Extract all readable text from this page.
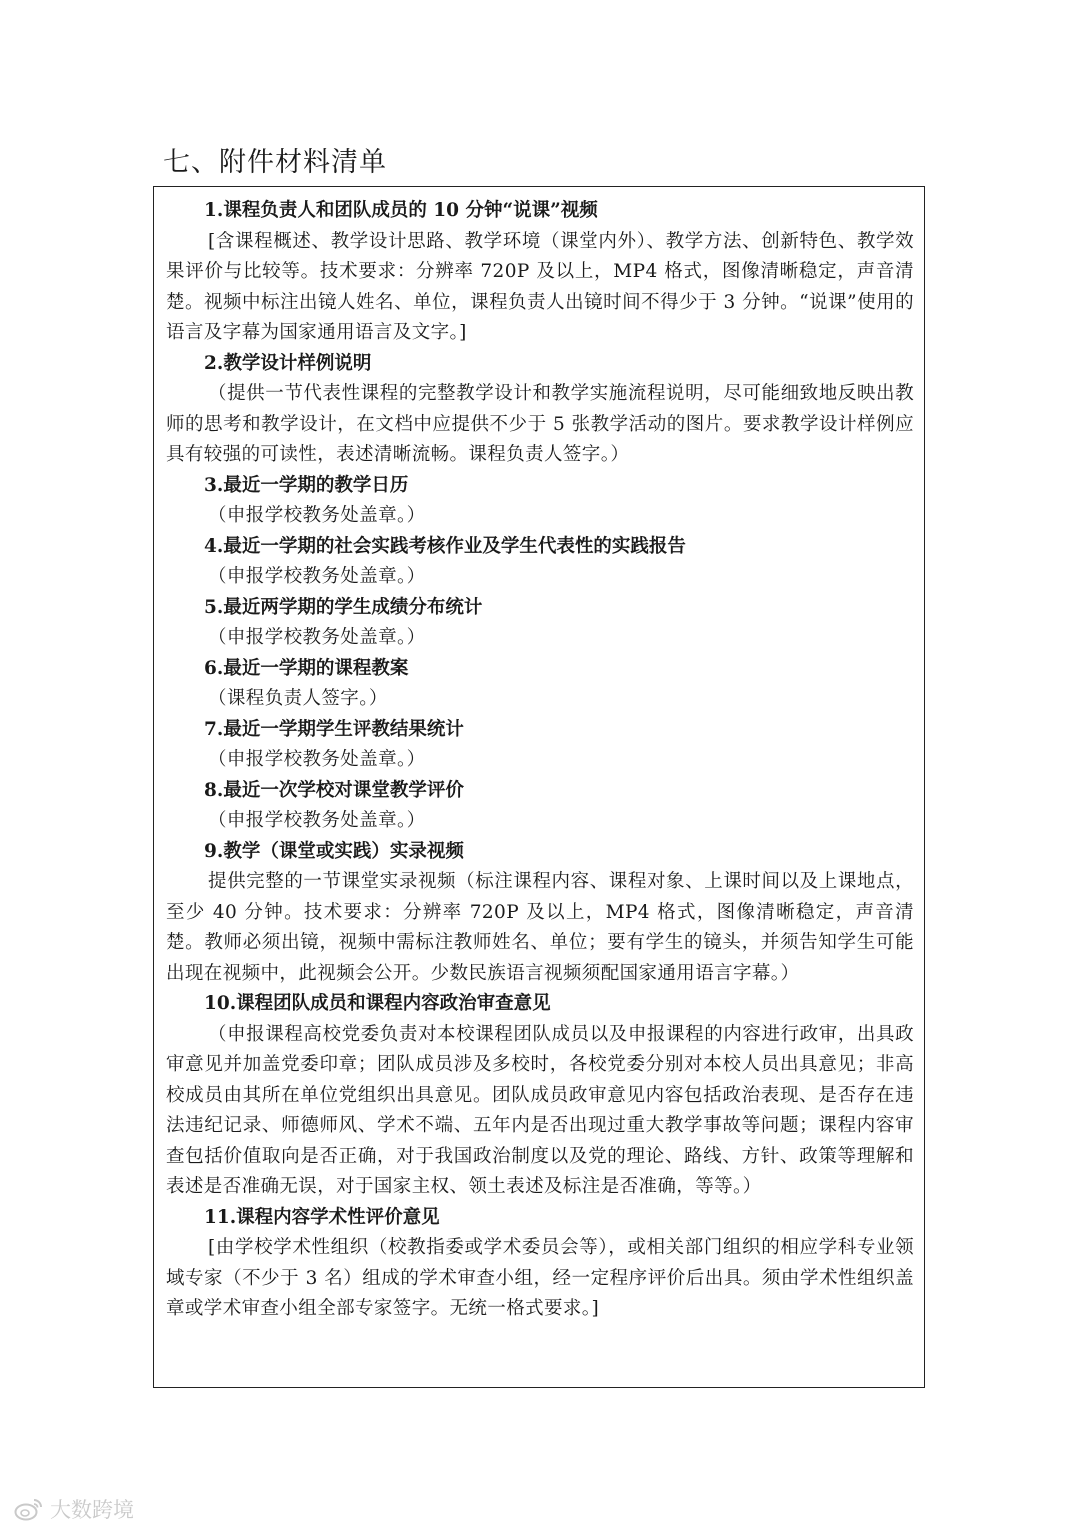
七、附件材料清单
1.课程负责人和团队成员的 10 分钟“说课”视频
[含课程概述、教学设计思路、教学环境（课堂内外）、教学方法、创新特色、教学效果评价与比较等。技术要求：分辨率 720P 及以上，MP4 格式，图像清晰稳定，声音清楚。视频中标注出镜人姓名、单位，课程负责人出镜时间不得少于 3 分钟。“说课”使用的语言及字幕为国家通用语言及文字。]
2.教学设计样例说明
（提供一节代表性课程的完整教学设计和教学实施流程说明，尽可能细致地反映出教师的思考和教学设计，在文档中应提供不少于 5 张教学活动的图片。要求教学设计样例应具有较强的可读性，表述清晰流畅。课程负责人签字。）
3.最近一学期的教学日历
（申报学校教务处盖章。）
4.最近一学期的社会实践考核作业及学生代表性的实践报告
（申报学校教务处盖章。）
5.最近两学期的学生成绩分布统计
（申报学校教务处盖章。）
6.最近一学期的课程教案
（课程负责人签字。）
7.最近一学期学生评教结果统计
（申报学校教务处盖章。）
8.最近一次学校对课堂教学评价
（申报学校教务处盖章。）
9.教学（课堂或实践）实录视频
提供完整的一节课堂实录视频（标注课程内容、课程对象、上课时间以及上课地点，至少 40 分钟。技术要求：分辨率 720P 及以上，MP4 格式，图像清晰稳定，声音清楚。教师必须出镜，视频中需标注教师姓名、单位；要有学生的镜头，并须告知学生可能出现在视频中，此视频会公开。少数民族语言视频须配国家通用语言字幕。）
10.课程团队成员和课程内容政治审查意见
（申报课程高校党委负责对本校课程团队成员以及申报课程的内容进行政审，出具政审意见并加盖党委印章；团队成员涉及多校时，各校党委分别对本校人员出具意见；非高校成员由其所在单位党组织出具意见。团队成员政审意见内容包括政治表现、是否存在违法违纪记录、师德师风、学术不端、五年内是否出现过重大教学事故等问题；课程内容审查包括价值取向是否正确，对于我国政治制度以及党的理论、路线、方针、政策等理解和表述是否准确无误，对于国家主权、领土表述及标注是否准确，等等。）
11.课程内容学术性评价意见
[由学校学术性组织（校教指委或学术委员会等），或相关部门组织的相应学科专业领域专家（不少于 3 名）组成的学术审查小组，经一定程序评价后出具。须由学术性组织盖章或学术审查小组全部专家签字。无统一格式要求。]
大数跨境
